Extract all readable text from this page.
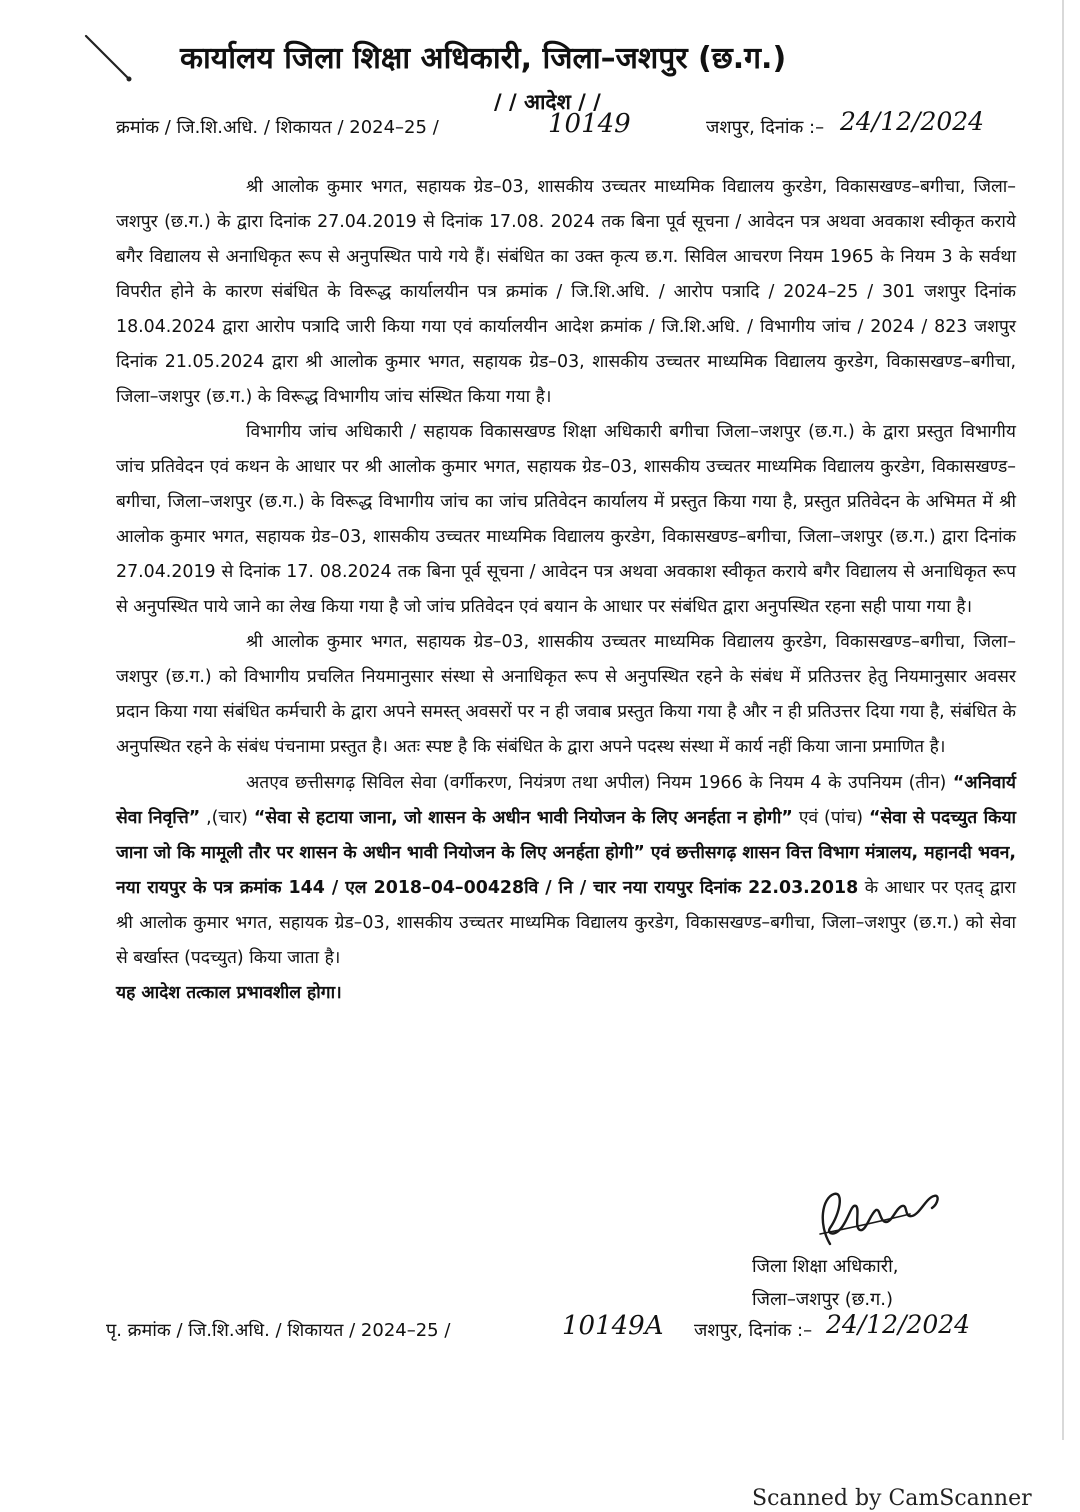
कार्यालय जिला शिक्षा अधिकारी, जिला–जशपुर (छ.ग.)
/ / आदेश / /
क्रमांक / जि.शि.अधि. / शिकायत / 2024–25 /	10149	जशपुर, दिनांक :– 24/12/2024

श्री आलोक कुमार भगत, सहायक ग्रेड–03, शासकीय उच्चतर माध्यमिक विद्यालय कुरडेग, विकासखण्ड–बगीचा, जिला–जशपुर (छ.ग.) के द्वारा दिनांक 27.04.2019 से दिनांक 17.08. 2024 तक बिना पूर्व सूचना / आवेदन पत्र अथवा अवकाश स्वीकृत कराये बगैर विद्यालय से अनाधिकृत रूप से अनुपस्थित पाये गये हैं। संबंधित का उक्त कृत्य छ.ग. सिविल आचरण नियम 1965 के नियम 3 के सर्वथा विपरीत होने के कारण संबंधित के विरूद्ध कार्यालयीन पत्र क्रमांक / जि.शि.अधि. / आरोप पत्रादि / 2024–25 / 301 जशपुर दिनांक 18.04.2024 द्वारा आरोप पत्रादि जारी किया गया एवं कार्यालयीन आदेश क्रमांक / जि.शि.अधि. / विभागीय जांच / 2024 / 823 जशपुर दिनांक 21.05.2024 द्वारा श्री आलोक कुमार भगत, सहायक ग्रेड–03, शासकीय उच्चतर माध्यमिक विद्यालय कुरडेग, विकासखण्ड–बगीचा, जिला–जशपुर (छ.ग.) के विरूद्ध विभागीय जांच संस्थित किया गया है।

विभागीय जांच अधिकारी / सहायक विकासखण्ड शिक्षा अधिकारी बगीचा जिला–जशपुर (छ.ग.) के द्वारा प्रस्तुत विभागीय जांच प्रतिवेदन एवं कथन के आधार पर श्री आलोक कुमार भगत, सहायक ग्रेड–03, शासकीय उच्चतर माध्यमिक विद्यालय कुरडेग, विकासखण्ड–बगीचा, जिला–जशपुर (छ.ग.) के विरूद्ध विभागीय जांच का जांच प्रतिवेदन कार्यालय में प्रस्तुत किया गया है, प्रस्तुत प्रतिवेदन के अभिमत में श्री आलोक कुमार भगत, सहायक ग्रेड–03, शासकीय उच्चतर माध्यमिक विद्यालय कुरडेग, विकासखण्ड–बगीचा, जिला–जशपुर (छ.ग.) द्वारा दिनांक 27.04.2019 से दिनांक 17. 08.2024 तक बिना पूर्व सूचना / आवेदन पत्र अथवा अवकाश स्वीकृत कराये बगैर विद्यालय से अनाधिकृत रूप से अनुपस्थित पाये जाने का लेख किया गया है जो जांच प्रतिवेदन एवं बयान के आधार पर संबंधित द्वारा अनुपस्थित रहना सही पाया गया है।

श्री आलोक कुमार भगत, सहायक ग्रेड–03, शासकीय उच्चतर माध्यमिक विद्यालय कुरडेग, विकासखण्ड–बगीचा, जिला–जशपुर (छ.ग.) को विभागीय प्रचलित नियमानुसार संस्था से अनाधिकृत रूप से अनुपस्थित रहने के संबंध में प्रतिउत्तर हेतु नियमानुसार अवसर प्रदान किया गया संबंधित कर्मचारी के द्वारा अपने समस्त् अवसरों पर न ही जवाब प्रस्तुत किया गया है और न ही प्रतिउत्तर दिया गया है, संबंधित के अनुपस्थित रहने के संबंध पंचनामा प्रस्तुत है। अतः स्पष्ट है कि संबंधित के द्वारा अपने पदस्थ संस्था में कार्य नहीं किया जाना प्रमाणित है।

अतएव छत्तीसगढ़ सिविल सेवा (वर्गीकरण, नियंत्रण तथा अपील) नियम 1966 के नियम 4 के उपनियम (तीन) “अनिवार्य सेवा निवृत्ति” ,(चार) “सेवा से हटाया जाना, जो शासन के अधीन भावी नियोजन के लिए अनर्हता न होगी” एवं (पांच) “सेवा से पदच्युत किया जाना जो कि मामूली तौर पर शासन के अधीन भावी नियोजन के लिए अनर्हता होगी” एवं छत्तीसगढ़ शासन वित्त विभाग मंत्रालय, महानदी भवन, नया रायपुर के पत्र क्रमांक 144 / एल 2018–04–00428वि / नि / चार नया रायपुर दिनांक 22.03.2018 के आधार पर एतद् द्वारा श्री आलोक कुमार भगत, सहायक ग्रेड–03, शासकीय उच्चतर माध्यमिक विद्यालय कुरडेग, विकासखण्ड–बगीचा, जिला–जशपुर (छ.ग.) को सेवा से बर्खास्त (पदच्युत) किया जाता है।

यह आदेश तत्काल प्रभावशील होगा।

जिला शिक्षा अधिकारी,
जिला–जशपुर (छ.ग.)
पृ. क्रमांक / जि.शि.अधि. / शिकायत / 2024–25 /	10149A जशपुर, दिनांक :– 24/12/2024
Scanned by CamScanner
